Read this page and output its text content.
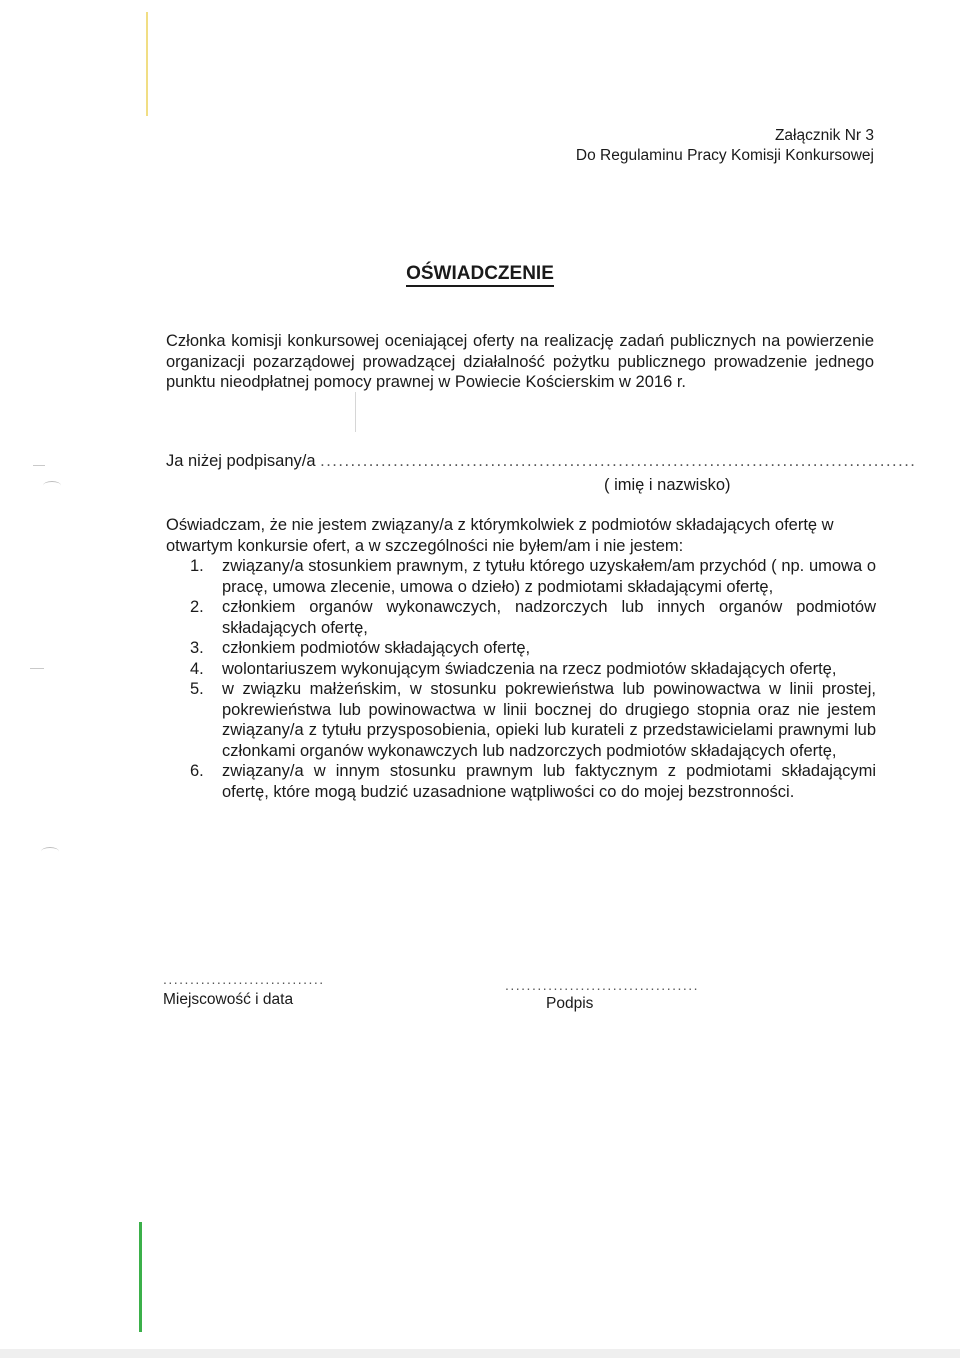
Załącznik Nr 3
Do Regulaminu Pracy Komisji Konkursowej
OŚWIADCZENIE
Członka komisji konkursowej oceniającej oferty na realizację zadań publicznych na powierzenie organizacji pozarządowej prowadzącej działalność pożytku publicznego prowadzenie jednego punktu nieodpłatnej pomocy prawnej w Powiecie Kościerskim w 2016 r.
Ja niżej podpisany/a ..................................................................................................
( imię i nazwisko)
Oświadczam, że nie jestem związany/a z którymkolwiek z podmiotów składających ofertę w otwartym konkursie ofert, a w szczególności nie byłem/am i nie jestem:
1. związany/a stosunkiem prawnym, z tytułu którego uzyskałem/am przychód ( np. umowa o pracę, umowa zlecenie, umowa o dzieło) z podmiotami składającymi ofertę,
2. członkiem organów wykonawczych, nadzorczych lub innych organów podmiotów składających ofertę,
3. członkiem podmiotów składających ofertę,
4. wolontariuszem wykonującym świadczenia na rzecz podmiotów składających ofertę,
5. w związku małżeńskim, w stosunku pokrewieństwa lub powinowactwa w linii prostej, pokrewieństwa lub powinowactwa w linii bocznej do drugiego stopnia oraz nie jestem związany/a z tytułu przysposobienia, opieki lub kurateli z przedstawicielami prawnymi lub członkami organów wykonawczych lub nadzorczych podmiotów składających ofertę,
6. związany/a w innym stosunku prawnym lub faktycznym z podmiotami składającymi ofertę, które mogą budzić uzasadnione wątpliwości co do mojej bezstronności.
..............................
Miejscowość i data
....................................
Podpis
